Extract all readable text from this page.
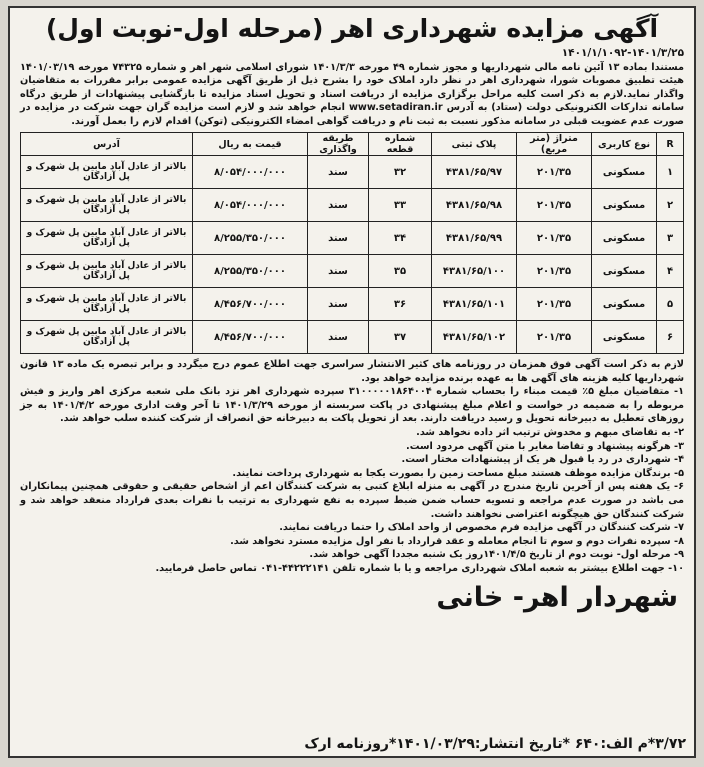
آگهی مزایده شهرداری اهر (مرحله اول-نوبت اول)
۱۴۰۱/۱/۱۰۹۲-۱۴۰۱/۳/۲۵
مستندا بماده ۱۳ آئین نامه مالی شهرداریها و مجوز شماره ۴۹ مورخه ۱۴۰۱/۳/۳ شورای اسلامی شهر اهر و شماره ۷۴۳۲۵ مورخه ۱۴۰۱/۰۳/۱۹ هیئت تطبیق مصوبات شورا، شهرداری اهر در نظر دارد املاک خود را بشرح ذیل از طریق آگهی مزایده عمومی برابر مقررات به متقاضیان واگذار نماید.لازم به ذکر است کلیه مراحل برگزاری مزایده از دریافت اسناد و تحویل اسناد مزایده تا بازگشایی پیشنهادات از طریق درگاه سامانه تدارکات الکترونیکی دولت (ستاد) به آدرس www.setadiran.ir انجام خواهد شد و لازم است مزایده گران جهت شرکت در مزایده در صورت عدم عضویت قبلی در سامانه مذکور نسبت به ثبت نام و دریافت گواهی امضاء الکترونیکی (توکن) اقدام لازم را بعمل آورند.
R	نوع کاربری	متراژ (متر مربع)	پلاک ثبتی	شماره قطعه	طریقه واگذاری	قیمت به ریال	آدرس
۱	مسکونی	۲۰۱/۳۵	۴۳۸۱/۶۵/۹۷	۳۲	سند	۸/۰۵۴/۰۰۰/۰۰۰	بالاتر از عادل آباد مابین پل شهرک و پل آزادگان
۲	مسکونی	۲۰۱/۳۵	۴۳۸۱/۶۵/۹۸	۳۳	سند	۸/۰۵۴/۰۰۰/۰۰۰	بالاتر از عادل آباد مابین پل شهرک و پل آزادگان
۳	مسکونی	۲۰۱/۳۵	۴۳۸۱/۶۵/۹۹	۳۴	سند	۸/۲۵۵/۳۵۰/۰۰۰	بالاتر از عادل آباد مابین پل شهرک و پل آزادگان
۴	مسکونی	۲۰۱/۳۵	۴۳۸۱/۶۵/۱۰۰	۳۵	سند	۸/۲۵۵/۳۵۰/۰۰۰	بالاتر از عادل آباد مابین پل شهرک و پل آزادگان
۵	مسکونی	۲۰۱/۳۵	۴۳۸۱/۶۵/۱۰۱	۳۶	سند	۸/۴۵۶/۷۰۰/۰۰۰	بالاتر از عادل آباد مابین پل شهرک و پل آزادگان
۶	مسکونی	۲۰۱/۳۵	۴۳۸۱/۶۵/۱۰۲	۳۷	سند	۸/۴۵۶/۷۰۰/۰۰۰	بالاتر از عادل آباد مابین پل شهرک و پل آزادگان

لازم به ذکر است آگهی فوق همزمان در روزنامه های کثیر الانتشار سراسری جهت اطلاع عموم درج میگردد و برابر تبصره یک ماده ۱۳ قانون شهرداریها کلیه هزینه های آگهی ها به عهده برنده مزایده خواهد بود.

۱- متقاضیان مبلغ ۵٪ قیمت مبناء را بحساب شماره ۳۱۰۰۰۰۰۱۸۶۴۰۰۴ سپرده شهرداری اهر نزد بانک ملی شعبه مرکزی اهر واریز و فیش مربوطه را به ضمیمه در خواست و اعلام مبلغ پیشنهادی در پاکت سربسته از مورخه ۱۴۰۱/۳/۲۹ تا آخر وقت اداری مورخه ۱۴۰۱/۴/۲ به جز روزهای تعطیل به دبیرخانه تحویل و رسید دریافت دارند. بعد از تحویل پاکت به دبیرخانه حق انصراف از شرکت کننده سلب خواهد شد.

۲- به تقاضای مبهم و مخدوش ترتیب اثر داده نخواهد شد.

۳- هرگونه پیشنهاد و تقاضا مغایر با متن آگهی مردود است.

۴- شهرداری در رد یا قبول هر یک از پیشنهادات مختار است.

۵- برندگان مزایده موظف هستند مبلغ مساحت زمین را بصورت یکجا به شهرداری پرداخت نمایند.

۶- یک هفته پس از آخرین تاریخ مندرج در آگهی به منزله ابلاغ کتبی به شرکت کنندگان اعم از اشخاص حقیقی و حقوقی همچنین پیمانکاران می باشد در صورت عدم مراجعه و تسویه حساب ضمن ضبط سپرده به نفع شهرداری به ترتیب با نفرات بعدی قرارداد منعقد خواهد شد و شرکت کنندگان حق هیچگونه اعتراضی نخواهند داشت.

۷- شرکت کنندگان در آگهی مزایده فرم مخصوص از واحد املاک را حتما دریافت نمایند.

۸- سپرده نفرات دوم و سوم تا انجام معامله و عقد قرارداد با نفر اول مزایده مسترد نخواهد شد.

۹- مرحله اول- نوبت دوم از تاریخ ۱۴۰۱/۴/۵روز یک شنبه مجددا آگهی خواهد شد.

۱۰- جهت اطلاع بیشتر به شعبه املاک شهرداری مراجعه و یا با شماره تلفن ۴۴۲۲۲۱۴۱-۰۴۱ تماس حاصل فرمایید.

شهردار اهر- خانی
۳/۷۲*م الف:۶۴۰ *تاریخ انتشار:۱۴۰۱/۰۳/۲۹*روزنامه ارک
